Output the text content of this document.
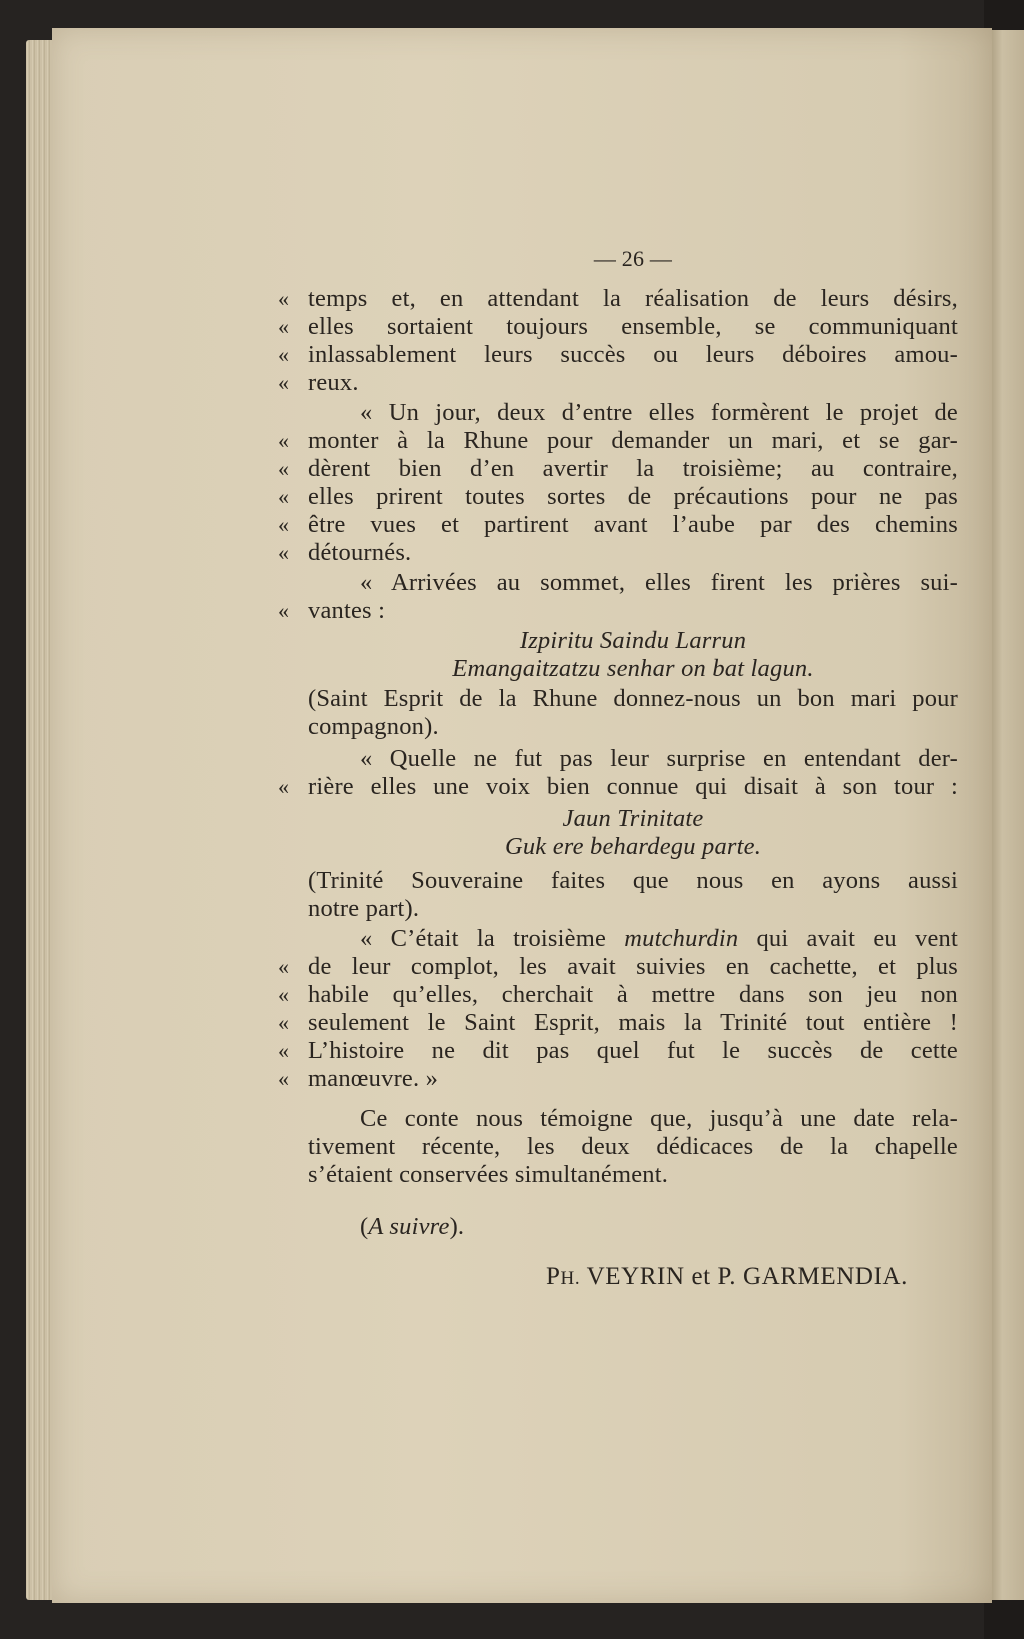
— 26 —
« temps et, en attendant la réalisation de leurs désirs,
« elles sortaient toujours ensemble, se communiquant
« inlassablement leurs succès ou leurs déboires amou-
« reux.
« Un jour, deux d’entre elles formèrent le projet de
« monter à la Rhune pour demander un mari, et se gar-
« dèrent bien d’en avertir la troisième; au contraire,
« elles prirent toutes sortes de précautions pour ne pas
« être vues et partirent avant l’aube par des chemins
« détournés.
« Arrivées au sommet, elles firent les prières sui-
« vantes :
Izpiritu Saindu Larrun
Emangaitzatzu senhar on bat lagun.
(Saint Esprit de la Rhune donnez-nous un bon mari pour
compagnon).
« Quelle ne fut pas leur surprise en entendant der-
« rière elles une voix bien connue qui disait à son tour :
Jaun Trinitate
Guk ere behardegu parte.
(Trinité Souveraine faites que nous en ayons aussi
notre part).
« C’était la troisième mutchurdin qui avait eu vent
« de leur complot, les avait suivies en cachette, et plus
« habile qu’elles, cherchait à mettre dans son jeu non
« seulement le Saint Esprit, mais la Trinité tout entière !
« L’histoire ne dit pas quel fut le succès de cette
« manœuvre. »
Ce conte nous témoigne que, jusqu’à une date rela-
tivement récente, les deux dédicaces de la chapelle
s’étaient conservées simultanément.
(A suivre).
PH. VEYRIN et P. GARMENDIA.
